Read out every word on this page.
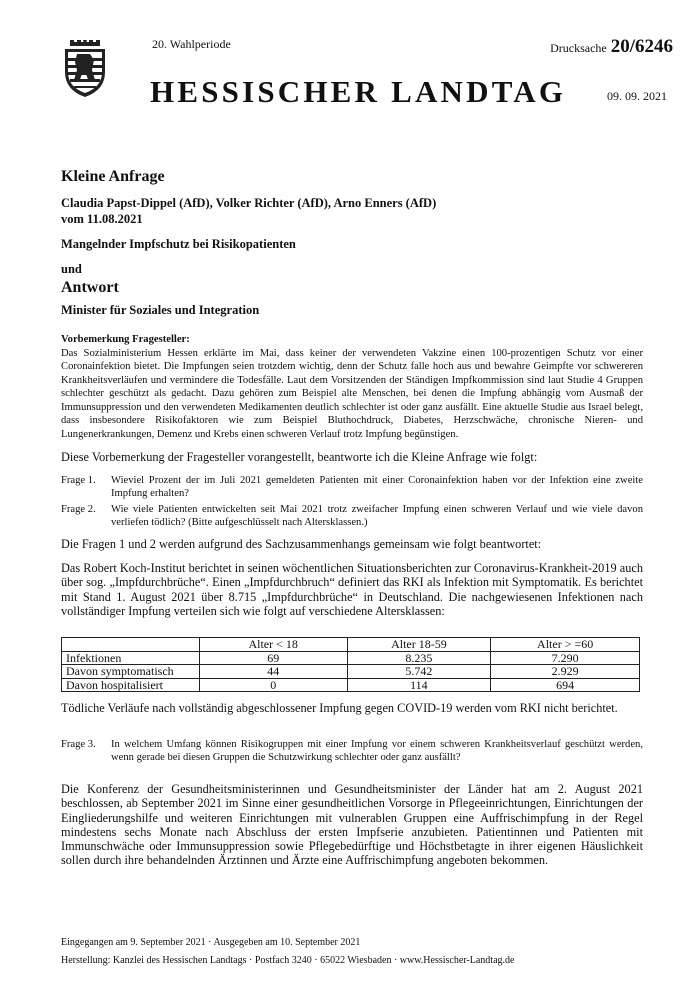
20. Wahlperiode	Drucksache 20/6246
HESSISCHER LANDTAG	09. 09. 2021
Kleine Anfrage
Claudia Papst-Dippel (AfD), Volker Richter (AfD), Arno Enners (AfD)
vom 11.08.2021
Mangelnder Impfschutz bei Risikopatienten
und
Antwort
Minister für Soziales und Integration
Vorbemerkung Fragesteller:
Das Sozialministerium Hessen erklärte im Mai, dass keiner der verwendeten Vakzine einen 100-prozentigen Schutz vor einer Coronainfektion bietet. Die Impfungen seien trotzdem wichtig, denn der Schutz falle hoch aus und bewahre Geimpfte vor schwereren Krankheitsverläufen und vermindere die Todesfälle. Laut dem Vorsitzenden der Ständigen Impfkommission sind laut Studie 4 Gruppen schlechter geschützt als gedacht. Dazu gehören zum Beispiel alte Menschen, bei denen die Impfung abhängig vom Ausmaß der Immunsuppression und den verwendeten Medikamenten deutlich schlechter ist oder ganz ausfällt. Eine aktuelle Studie aus Israel belegt, dass insbesondere Risikofaktoren wie zum Beispiel Bluthochdruck, Diabetes, Herzschwäche, chronische Nieren- und Lungenerkrankungen, Demenz und Krebs einen schweren Verlauf trotz Impfung begünstigen.
Diese Vorbemerkung der Fragesteller vorangestellt, beantworte ich die Kleine Anfrage wie folgt:
Frage 1.	Wieviel Prozent der im Juli 2021 gemeldeten Patienten mit einer Coronainfektion haben vor der Infektion eine zweite Impfung erhalten?
Frage 2.	Wie viele Patienten entwickelten seit Mai 2021 trotz zweifacher Impfung einen schweren Verlauf und wie viele davon verliefen tödlich? (Bitte aufgeschlüsselt nach Altersklassen.)
Die Fragen 1 und 2 werden aufgrund des Sachzusammenhangs gemeinsam wie folgt beantwortet:
Das Robert Koch-Institut berichtet in seinen wöchentlichen Situationsberichten zur Coronavirus-Krankheit-2019 auch über sog. „Impfdurchbrüche“. Einen „Impfdurchbruch“ definiert das RKI als Infektion mit Symptomatik. Es berichtet mit Stand 1. August 2021 über 8.715 „Impfdurchbrüche“ in Deutschland. Die nachgewiesenen Infektionen nach vollständiger Impfung verteilen sich wie folgt auf verschiedene Altersklassen:
	Alter < 18	Alter 18-59	Alter > =60
Infektionen	69	8.235	7.290
Davon symptomatisch	44	5.742	2.929
Davon hospitalisiert	0	114	694
Tödliche Verläufe nach vollständig abgeschlossener Impfung gegen COVID-19 werden vom RKI nicht berichtet.
Frage 3.	In welchem Umfang können Risikogruppen mit einer Impfung vor einem schweren Krankheitsverlauf geschützt werden, wenn gerade bei diesen Gruppen die Schutzwirkung schlechter oder ganz ausfällt?
Die Konferenz der Gesundheitsministerinnen und Gesundheitsminister der Länder hat am 2. August 2021 beschlossen, ab September 2021 im Sinne einer gesundheitlichen Vorsorge in Pflegeeinrichtungen, Einrichtungen der Eingliederungshilfe und weiteren Einrichtungen mit vulnerablen Gruppen eine Auffrischimpfung in der Regel mindestens sechs Monate nach Abschluss der ersten Impfserie anzubieten. Patientinnen und Patienten mit Immunschwäche oder Immunsuppression sowie Pflegebedürftige und Höchstbetagte in ihrer eigenen Häuslichkeit sollen durch ihre behandelnden Ärztinnen und Ärzte eine Auffrischimpfung angeboten bekommen.
Eingegangen am 9. September 2021 · Ausgegeben am 10. September 2021
Herstellung: Kanzlei des Hessischen Landtags · Postfach 3240 · 65022 Wiesbaden · www.Hessischer-Landtag.de
